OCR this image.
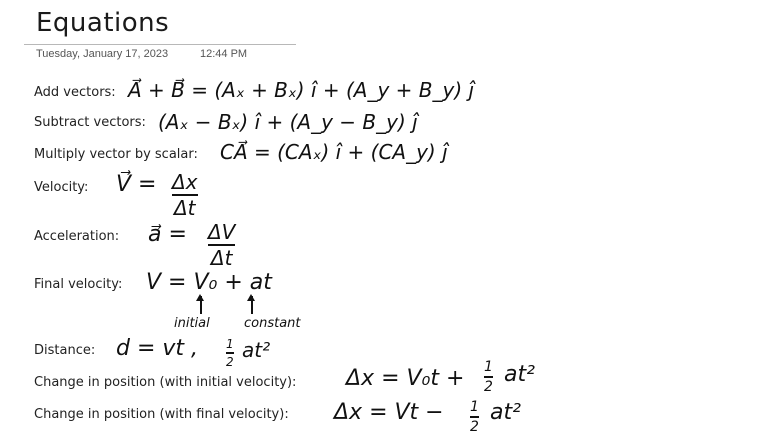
Equations
Tuesday, January 17, 2023	12:44 PM
Add vectors: A⃗ + B⃗ = (Aₓ + Bₓ) î + (A_y + B_y) ĵ
Subtract vectors: (Aₓ − Bₓ) î + (A_y − B_y) ĵ
Multiply vector by scalar: CA⃗ = (CAₓ) î + (CA_y) ĵ
Velocity: V⃗ = Δx
Δt
Acceleration: a⃗ = ΔV
Δt
Final velocity: V = V₀ + at
initial	constant
Distance: d = vt , 1
2 at²
Change in position (with initial velocity): Δx = V₀t + 1
2 at²
Change in position (with final velocity): Δx = Vt − 1
2
at²
